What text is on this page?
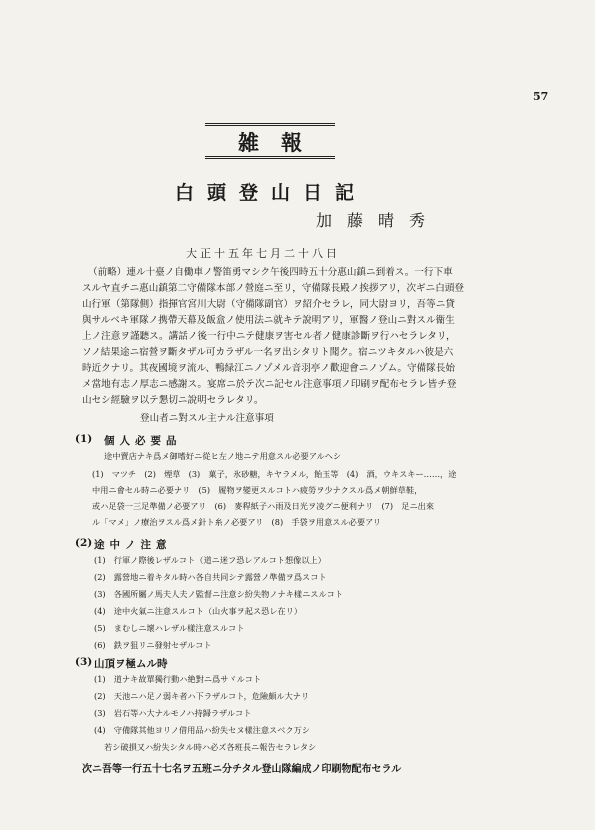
57
雑報
白頭登山日記
加藤晴秀
大正十五年七月二十八日
（前略）連ル十臺ノ自働車ノ警笛勇マシク午後四時五十分惠山鎮ニ到着ス。一行下車
スルヤ直チニ惠山鎮第二守備隊本部ノ營庭ニ至リ，守備隊長殿ノ挨拶アリ，次ギニ白頭登
山行軍（第隊側）指揮官宮川大尉（守備隊副官）ヲ紹介セラレ，同大尉ヨリ，吾等ニ貸
與サルベキ軍隊ノ携帶天幕及飯盒ノ使用法ニ就キテ說明アリ，軍醫ノ登山ニ對スル衞生
上ノ注意ヲ謹聽ス。講話ノ後一行中ニテ健康ヲ害セル者ノ健康診斷ヲ行ハセラレタリ，
ソノ結果途ニ宿營ヲ斷タザル可カラザル一名ヲ出シタリト聞ク。宿ニツキタルハ彼是六
時近クナリ。其夜國境ヲ流ル、鴨緑江ニノゾメル音羽亭ノ歡迎會ニノゾム。守備隊長始
メ當地有志ノ厚志ニ感謝ス。宴席ニ於テ次ニ記セル注意事項ノ印刷ヲ配布セラレ皆チ登
山セシ經驗ヲ以テ懇切ニ說明セラレタリ。
登山者ニ對スル主ナル注意事項
(1) 個人必要品
途中賣店ナキ爲メ御嗜好ニ從ヒ左ノ地ニテ用意スル必要アルヘシ
(1)　マツチ　(2)　煙草　(3)　菓子，氷砂糖，キヤラメル，飴玉等　(4)　酒，ウキスキー……，途
中用ニ會セル時ニ必要ナリ　(5)　履物ヲ變更スルコトハ疲勞ヲ少ナクスル爲メ朝鮮草鞋，
或ハ足袋一三足準備ノ必要アリ　(6)　麥稈紙子ハ雨及日光ヲ凌グニ便利ナリ　(7)　足ニ出來
ル「マメ」ノ療治ヲスル爲メ針ト糸ノ必要アリ　(8)　手袋ヲ用意スル必要アリ
(2) 途中ノ注意
(1)　行軍ノ際後レザルコト（道ニ迷フ恐レアルコト想像以上）
(2)　露營地ニ着キタル時ハ各自共同シテ露營ノ準備ヲ爲スコト
(3)　各國所屬ノ馬夫人夫ノ監督ニ注意シ紛失物ノナキ樣ニスルコト
(4)　途中火氣ニ注意スルコト（山火事ヲ起ス恐レ在リ）
(5)　まむしニ壞ハレザル樣注意スルコト
(6)　鉄ヲ狙リニ發射セザルコト
(3) 山頂ヲ極ムル時
(1)　道ナキ故單獨行動ハ絶對ニ爲サヾルコト
(2)　天池ニハ足ノ弱キ者ハ下ラザルコト，危險頗ル大ナリ
(3)　岩石等ハ大ナルモノハ持歸ラザルコト
(4)　守備隊其他ヨリノ借用品ハ紛失セヌ樣注意スベク万シ
若シ破損又ハ紛失シタル時ハ必ズ各班長ニ報告セラレタシ
次ニ吾等一行五十七名ヲ五班ニ分チタル登山隊編成ノ印刷物配布セラル
